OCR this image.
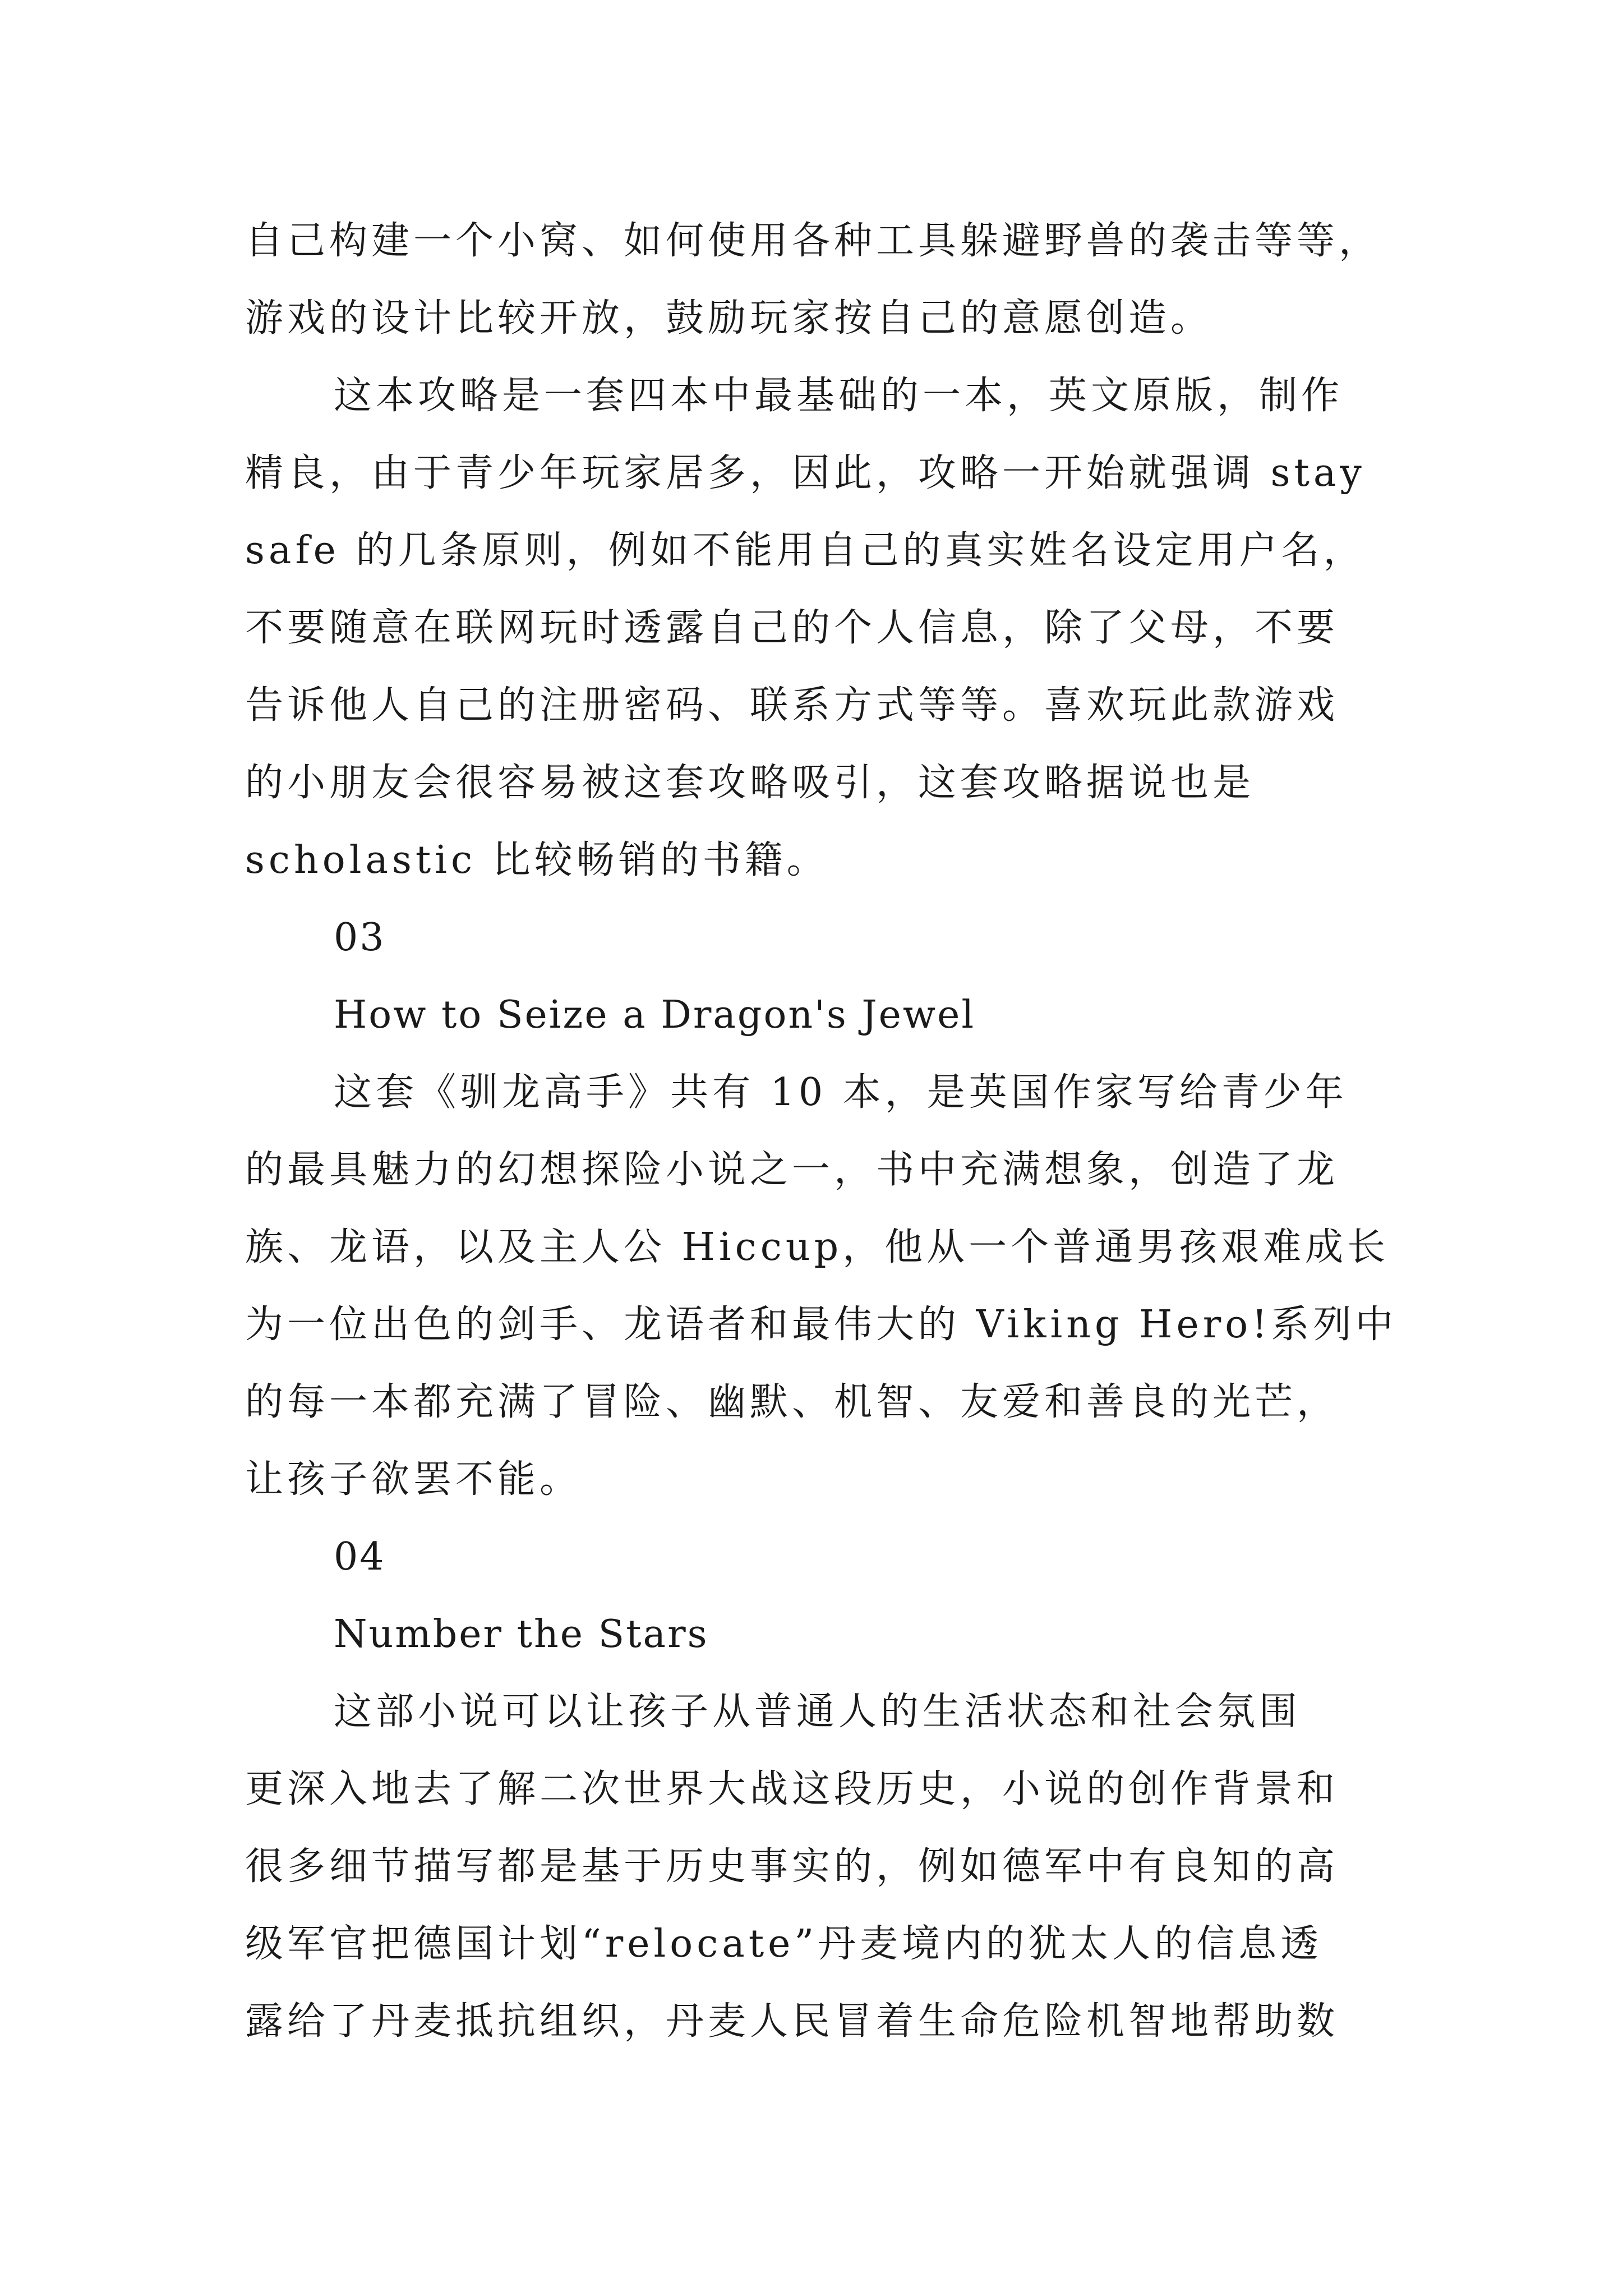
自己构建一个小窝、如何使用各种工具躲避野兽的袭击等等，
游戏的设计比较开放，鼓励玩家按自己的意愿创造。
这本攻略是一套四本中最基础的一本，英文原版，制作
精良，由于青少年玩家居多，因此，攻略一开始就强调 stay
safe 的几条原则，例如不能用自己的真实姓名设定用户名，
不要随意在联网玩时透露自己的个人信息，除了父母，不要
告诉他人自己的注册密码、联系方式等等。喜欢玩此款游戏
的小朋友会很容易被这套攻略吸引，这套攻略据说也是
scholastic 比较畅销的书籍。
03
How to Seize a Dragon's Jewel
这套《驯龙高手》共有 10 本，是英国作家写给青少年
的最具魅力的幻想探险小说之一，书中充满想象，创造了龙
族、龙语，以及主人公 Hiccup，他从一个普通男孩艰难成长
为一位出色的剑手、龙语者和最伟大的 Viking Hero!系列中
的每一本都充满了冒险、幽默、机智、友爱和善良的光芒，
让孩子欲罢不能。
04
Number the Stars
这部小说可以让孩子从普通人的生活状态和社会氛围
更深入地去了解二次世界大战这段历史，小说的创作背景和
很多细节描写都是基于历史事实的，例如德军中有良知的高
级军官把德国计划“relocate”丹麦境内的犹太人的信息透
露给了丹麦抵抗组织，丹麦人民冒着生命危险机智地帮助数
